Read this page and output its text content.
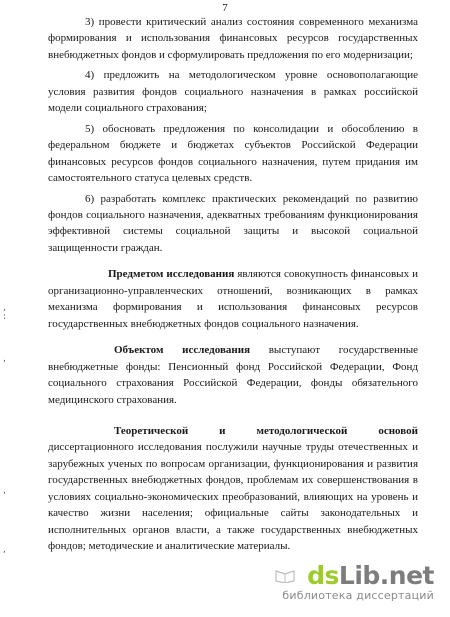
7
,
:
,
,
,

3) провести критический анализ состояния современного механизма формирования и использования финансовых ресурсов государственных внебюджетных фондов и сформулировать предложения по его модернизации;

4) предложить на методологическом уровне основополагающие условия развития фондов социального назначения в рамках российской модели социального страхования;

5) обосновать предложения по консолидации и обособлению в федеральном бюджете и бюджетах субъектов Российской Федерации финансовых ресурсов фондов социального назначения, путем придания им самостоятельного статуса целевых средств.

6) разработать комплекс практических рекомендаций по развитию фондов социального назначения, адекватных требованиям функционирования эффективной системы социальной защиты и высокой социальной защищенности граждан.

Предметом исследования являются совокупность финансовых и организационно-управленческих отношений, возникающих в рамках механизма формирования и использования финансовых ресурсов государственных внебюджетных фондов социального назначения.

Объектом исследования выступают государственные внебюджетные фонды: Пенсионный фонд Российской Федерации, Фонд социального страхования Российской Федерации, фонды обязательного медицинского страхования.

Теоретической и методологической основой диссертационного исследования послужили научные труды отечественных и зарубежных ученых по вопросам организации, функционирования и развития государственных внебюджетных фондов, проблемам их совершенствования в условиях социально-экономических преобразований, влияющих на уровень и качество жизни населения; официальные сайты законодательных и исполнительных органов власти, а также государственных внебюджетных фондов; методические и аналитические материалы.

dsLib.net
библиотека диссертаций
